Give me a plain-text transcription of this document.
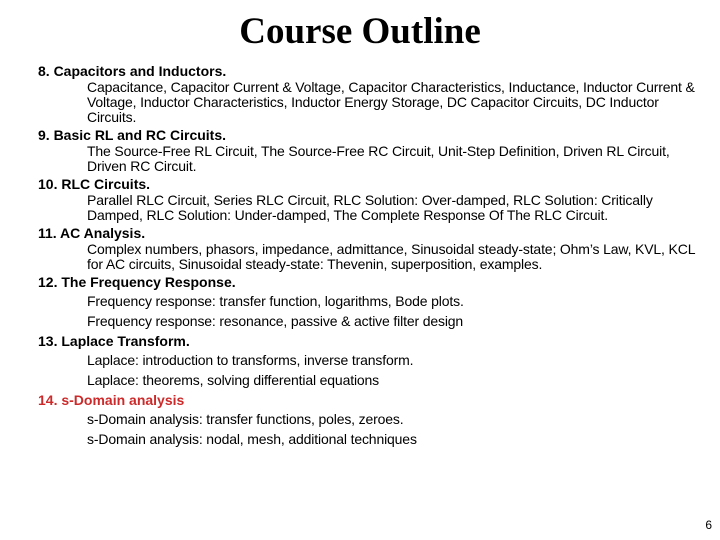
Course Outline
8. Capacitors and Inductors.
Capacitance, Capacitor Current & Voltage, Capacitor Characteristics, Inductance, Inductor Current & Voltage, Inductor Characteristics, Inductor Energy Storage, DC Capacitor Circuits, DC Inductor Circuits.
9. Basic RL and RC Circuits.
The Source-Free RL Circuit, The Source-Free RC Circuit, Unit-Step Definition, Driven RL Circuit, Driven RC Circuit.
10. RLC Circuits.
Parallel RLC Circuit, Series RLC Circuit, RLC Solution: Over-damped, RLC Solution: Critically Damped, RLC Solution: Under-damped, The Complete Response Of The RLC Circuit.
11. AC Analysis.
Complex numbers, phasors, impedance, admittance, Sinusoidal steady-state; Ohm’s Law, KVL, KCL for AC circuits, Sinusoidal steady-state: Thevenin, superposition, examples.
12. The Frequency Response.
Frequency response: transfer function, logarithms, Bode plots.
Frequency response: resonance, passive & active filter design
13. Laplace Transform.
Laplace: introduction to transforms, inverse transform.
Laplace: theorems, solving differential equations
14. s-Domain analysis
s-Domain analysis: transfer functions, poles, zeroes.
s-Domain analysis: nodal, mesh, additional techniques
6
